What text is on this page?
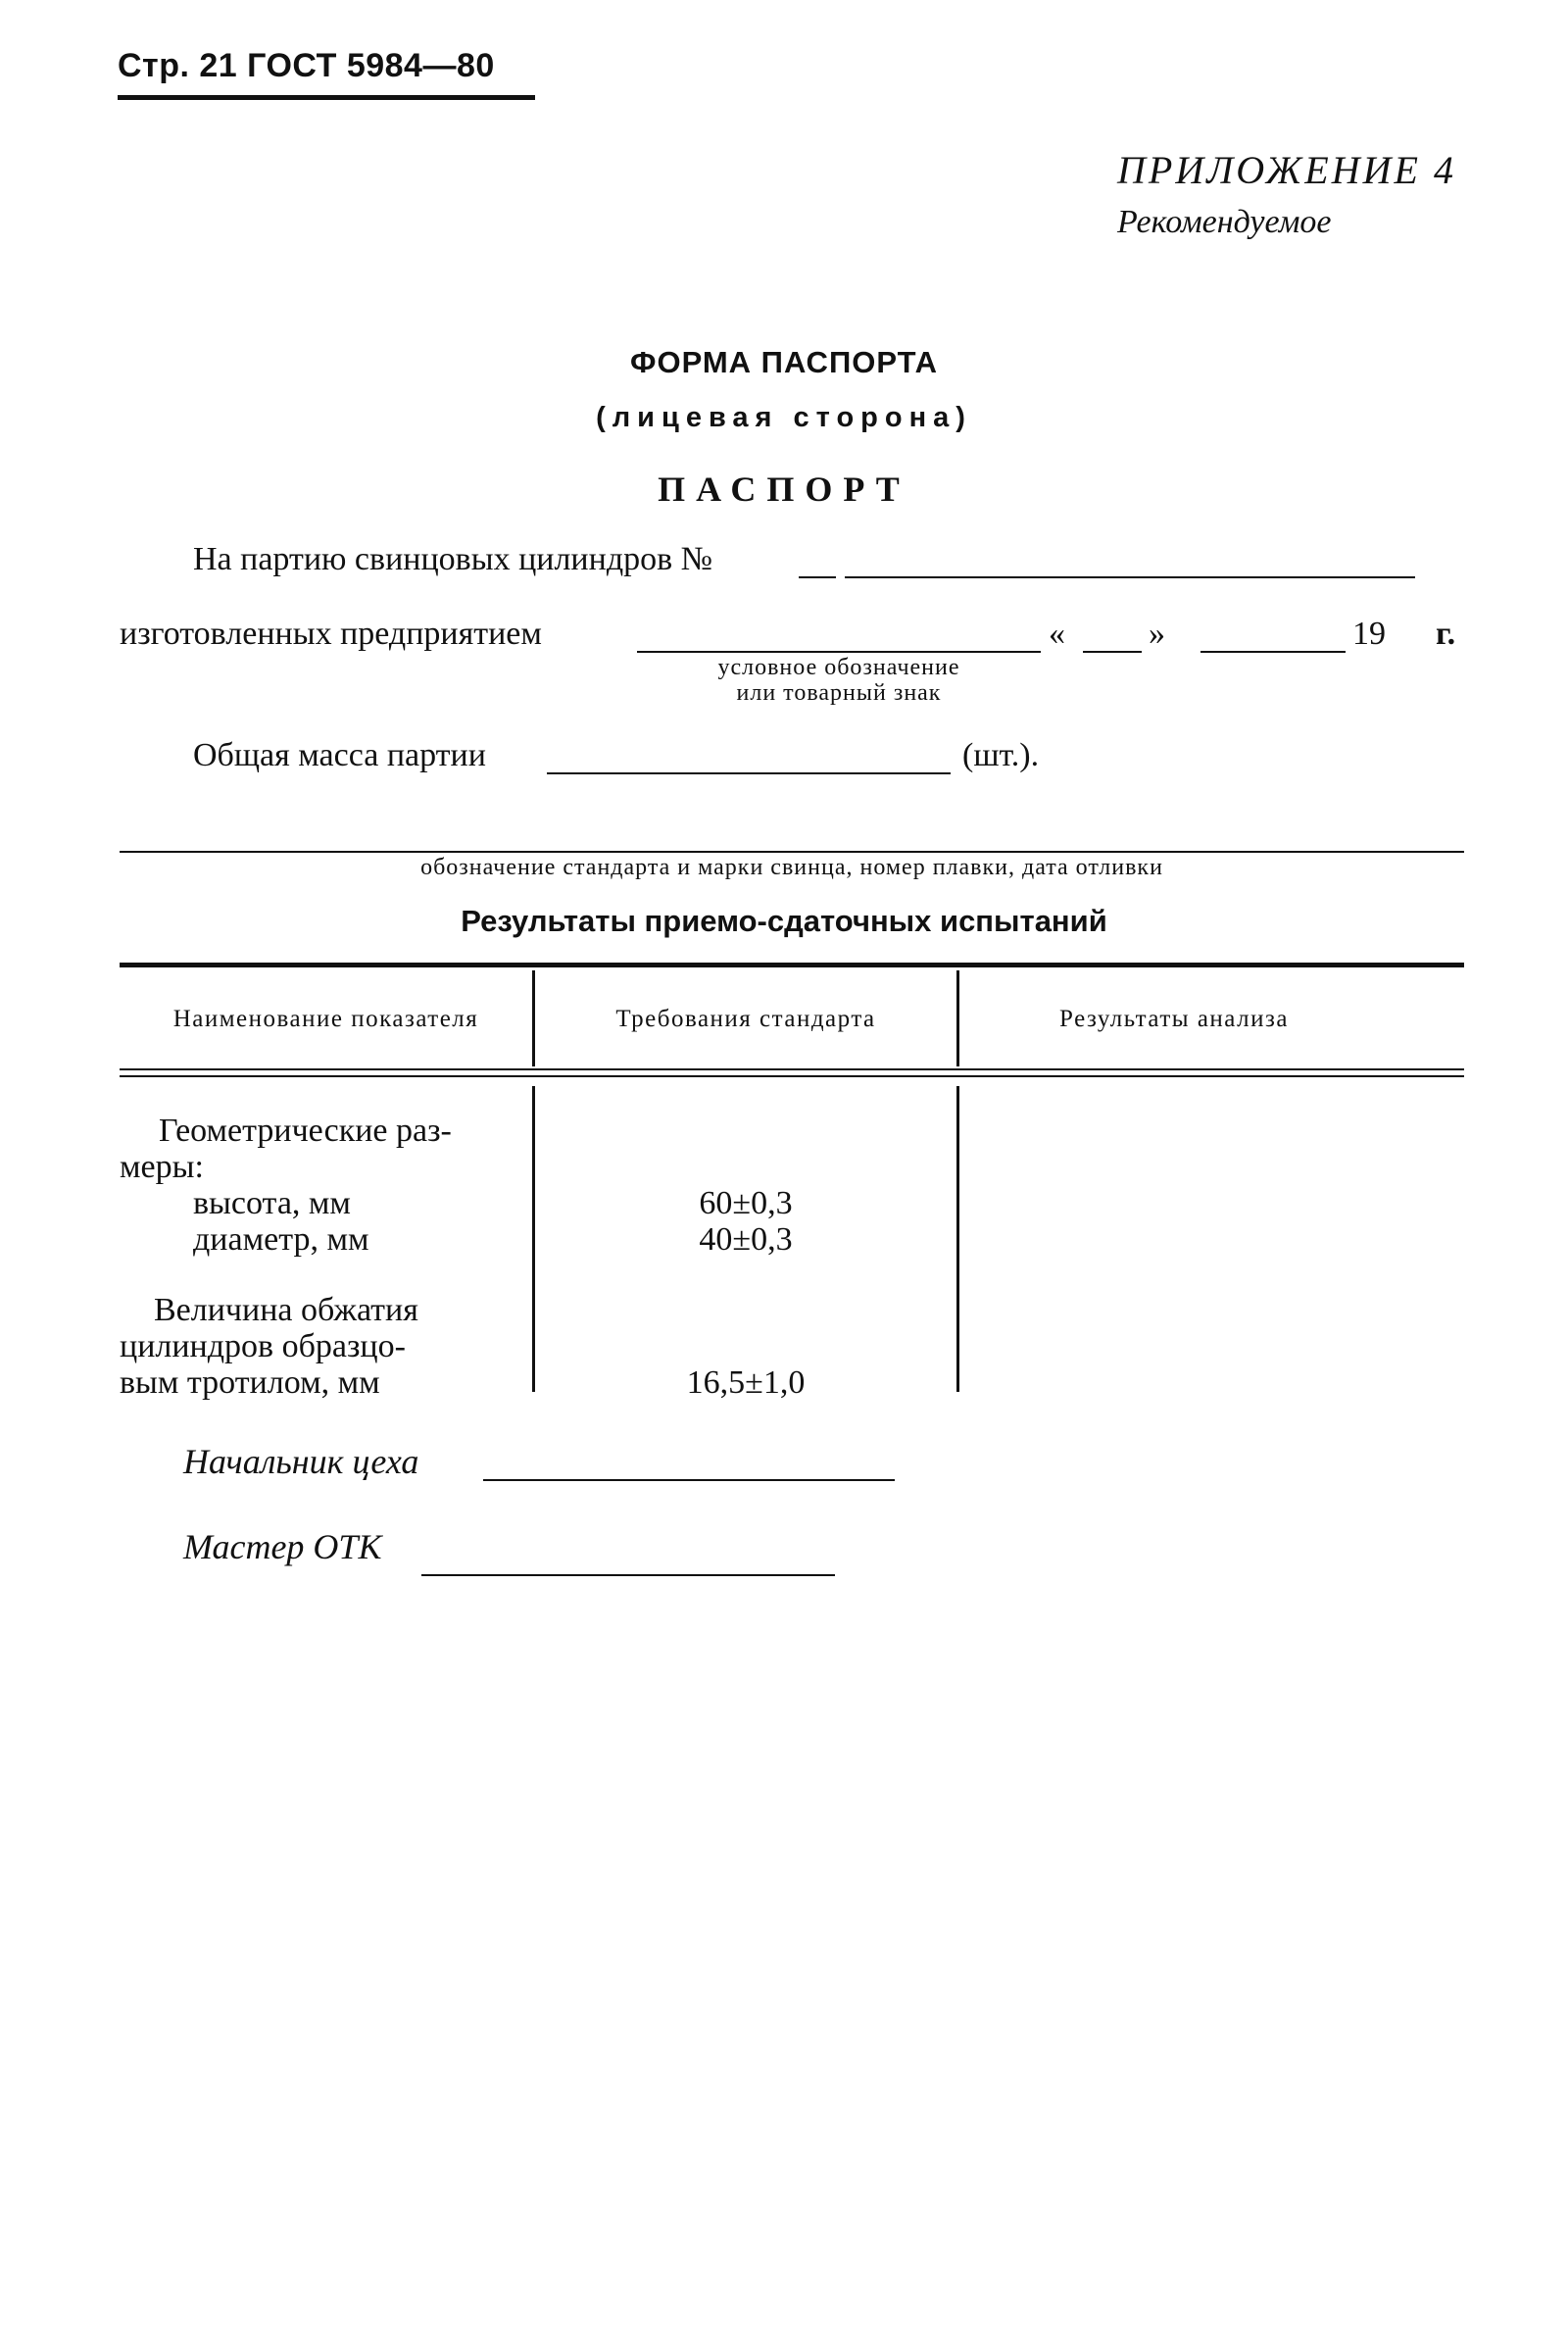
Стр. 21 ГОСТ 5984—80
ПРИЛОЖЕНИЕ 4
Рекомендуемое
ФОРМА ПАСПОРТА
(лицевая сторона)
ПАСПОРТ
На партию свинцовых цилиндров №
изготовленных предприятием	«	»	19 г.
условное обозначение
или товарный знак
Общая масса партии	(шт.).
обозначение стандарта и марки свинца, номер плавки, дата отливки
Результаты приемо-сдаточных испытаний
Наименование показателя	Требования стандарта	Результаты анализа
Геометрические раз-
меры:
высота, мм	60±0,3
диаметр, мм	40±0,3
Величина обжатия
цилиндров образцо-
вым тротилом, мм	16,5±1,0
Начальник цеха
Мастер ОТК
